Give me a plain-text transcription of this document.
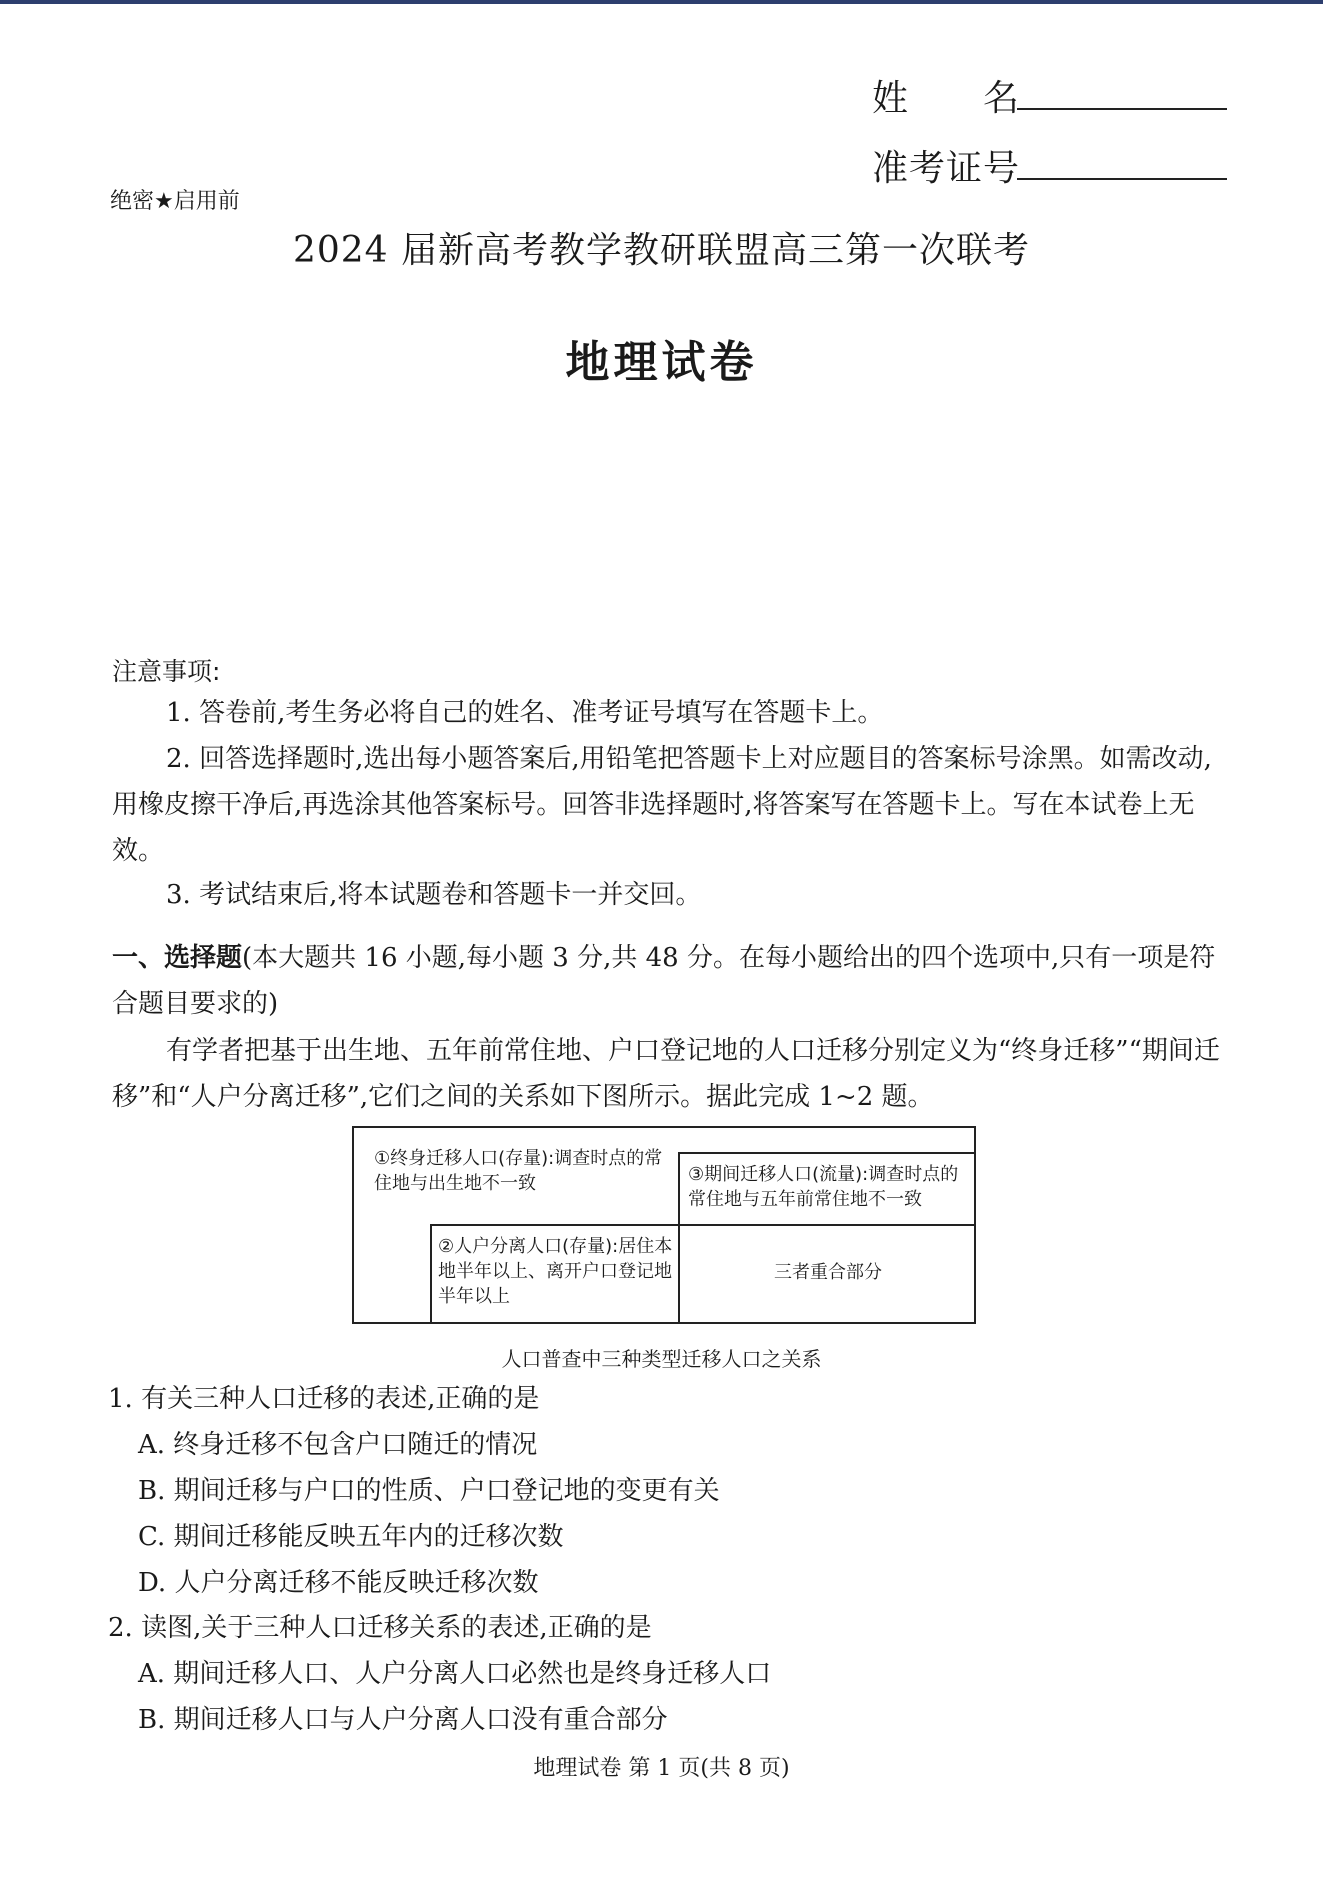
姓　　名
准考证号
绝密★启用前
2024 届新高考教学教研联盟高三第一次联考
地理试卷
注意事项:
1. 答卷前,考生务必将自己的姓名、准考证号填写在答题卡上。
2. 回答选择题时,选出每小题答案后,用铅笔把答题卡上对应题目的答案标号涂黑。如需改动,用橡皮擦干净后,再选涂其他答案标号。回答非选择题时,将答案写在答题卡上。写在本试卷上无效。
3. 考试结束后,将本试题卷和答题卡一并交回。
一、选择题(本大题共 16 小题,每小题 3 分,共 48 分。在每小题给出的四个选项中,只有一项是符合题目要求的)
有学者把基于出生地、五年前常住地、户口登记地的人口迁移分别定义为“终身迁移”“期间迁移”和“人户分离迁移”,它们之间的关系如下图所示。据此完成 1~2 题。
①终身迁移人口(存量):调查时点的常住地与出生地不一致	③期间迁移人口(流量):调查时点的常住地与五年前常住地不一致
②人户分离人口(存量):居住本地半年以上、离开户口登记地半年以上
三者重合部分
人口普查中三种类型迁移人口之关系
1. 有关三种人口迁移的表述,正确的是
A. 终身迁移不包含户口随迁的情况
B. 期间迁移与户口的性质、户口登记地的变更有关
C. 期间迁移能反映五年内的迁移次数
D. 人户分离迁移不能反映迁移次数
2. 读图,关于三种人口迁移关系的表述,正确的是
A. 期间迁移人口、人户分离人口必然也是终身迁移人口
B. 期间迁移人口与人户分离人口没有重合部分
地理试卷 第 1 页(共 8 页)
